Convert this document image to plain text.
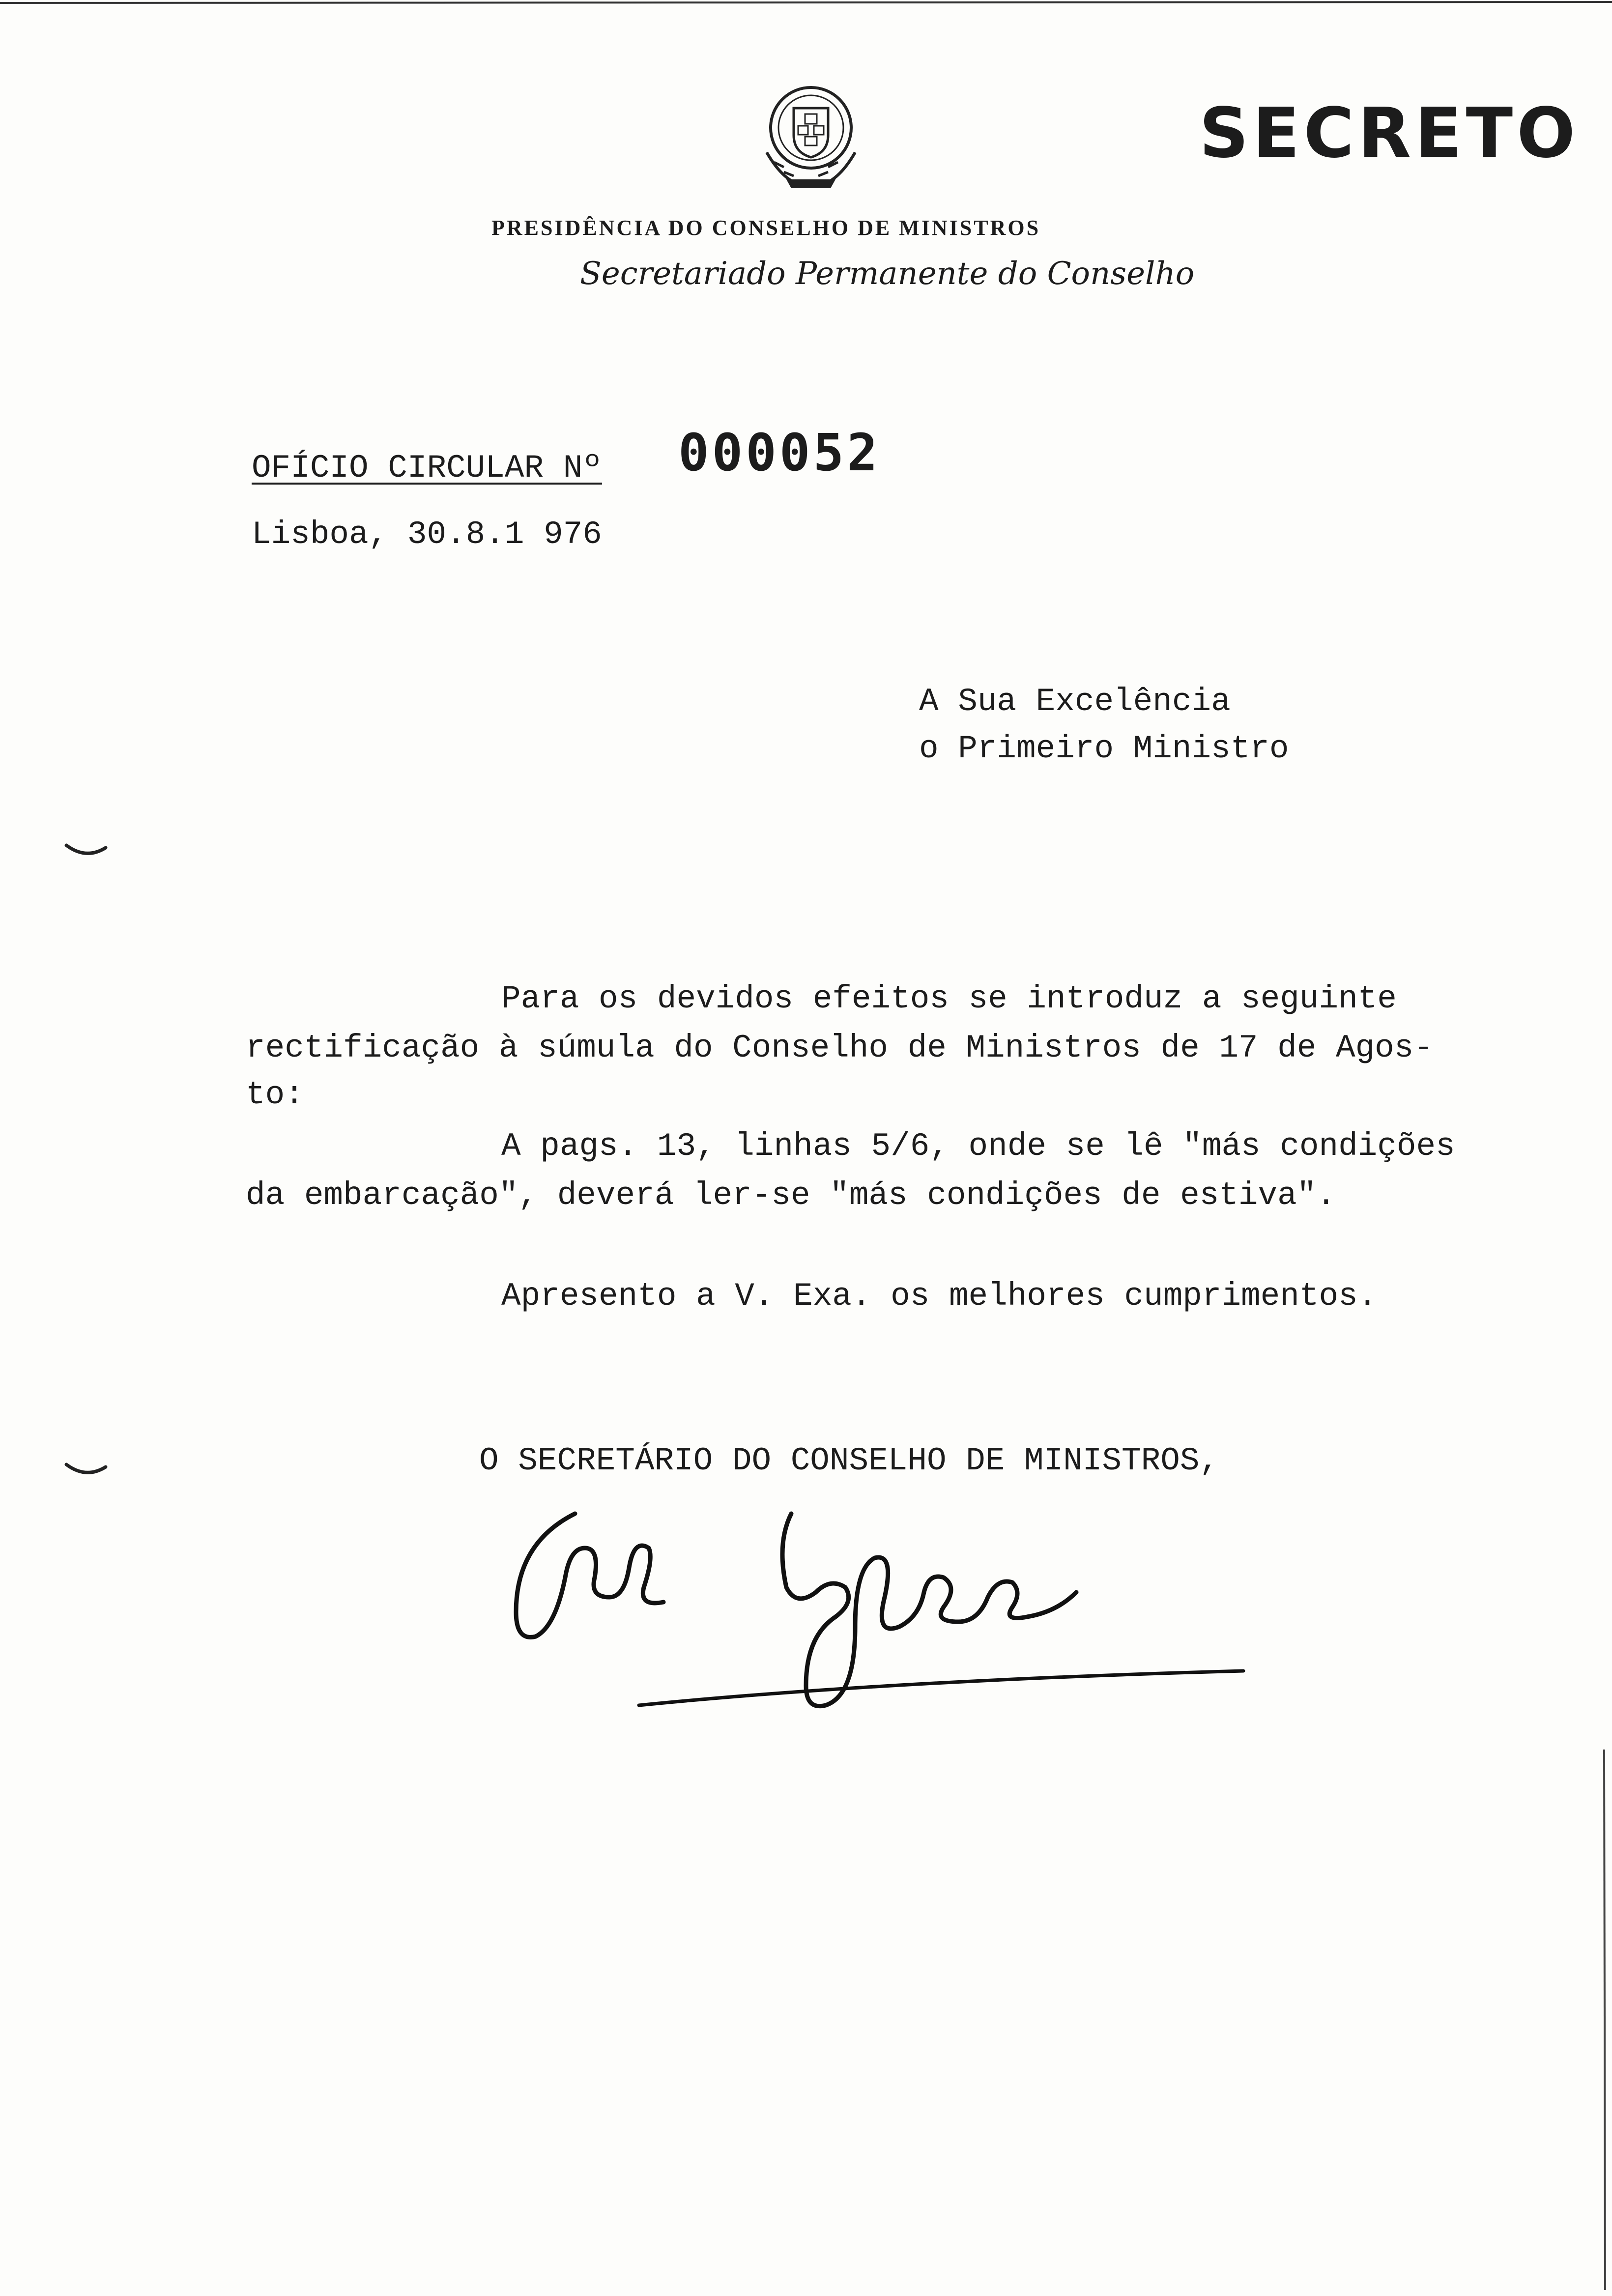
SECRETO
PRESIDÊNCIA DO CONSELHO DE MINISTROS
Secretariado Permanente do Conselho
OFÍCIO CIRCULAR Nº 000052
Lisboa, 30.8.1 976
A Sua Excelência
o Primeiro Ministro
Para os devidos efeitos se introduz a seguinte
rectificação à súmula do Conselho de Ministros de 17 de Agos-
to:
A pags. 13, linhas 5/6, onde se lê "más condições
da embarcação", deverá ler-se "más condições de estiva".
Apresento a V. Exa. os melhores cumprimentos.
O SECRETÁRIO DO CONSELHO DE MINISTROS,
